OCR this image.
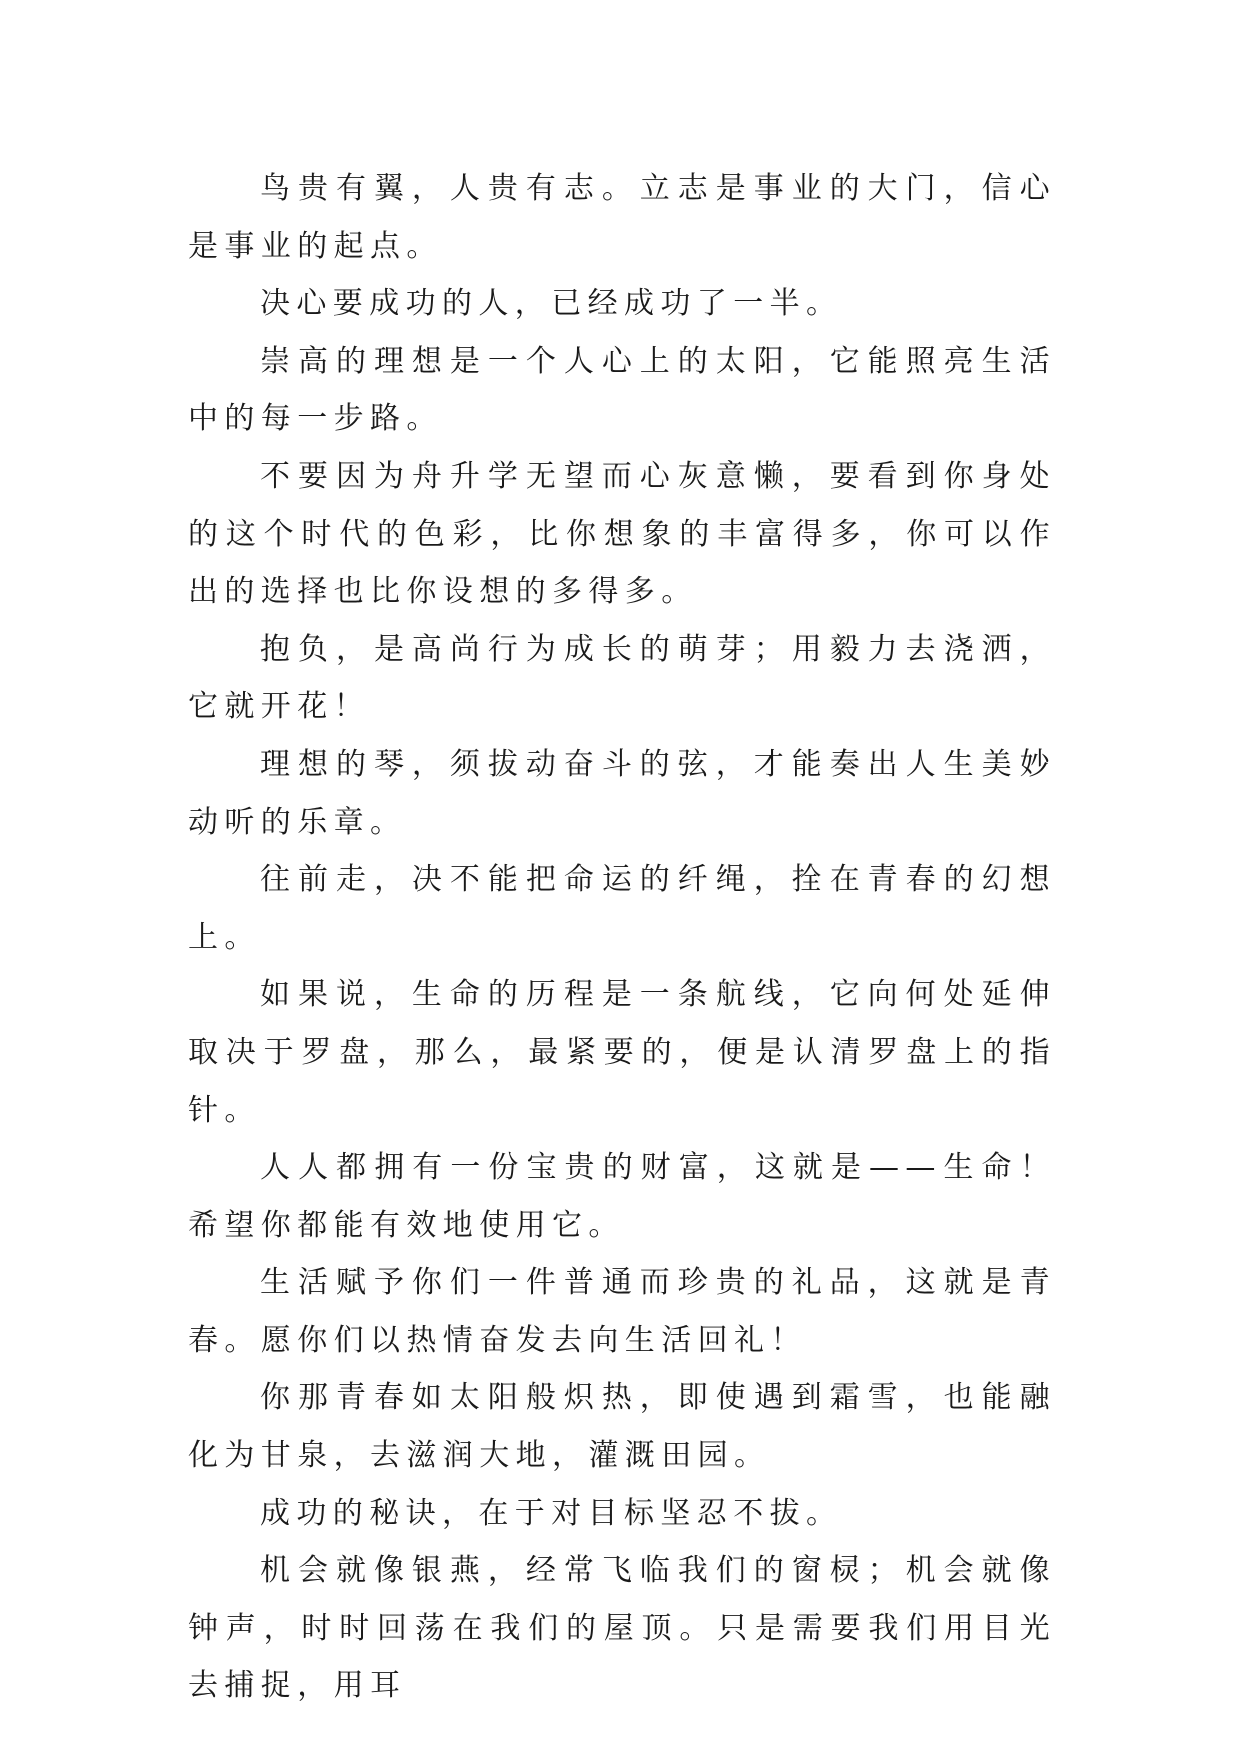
鸟贵有翼，人贵有志。立志是事业的大门，信心是事业的起点。

决心要成功的人，已经成功了一半。

崇高的理想是一个人心上的太阳，它能照亮生活中的每一步路。

不要因为舟升学无望而心灰意懒，要看到你身处的这个时代的色彩，比你想象的丰富得多，你可以作出的选择也比你设想的多得多。

抱负，是高尚行为成长的萌芽；用毅力去浇洒，它就开花！

理想的琴，须拔动奋斗的弦，才能奏出人生美妙动听的乐章。

往前走，决不能把命运的纤绳，拴在青春的幻想上。

如果说，生命的历程是一条航线，它向何处延伸取决于罗盘，那么，最紧要的，便是认清罗盘上的指针。

人人都拥有一份宝贵的财富，这就是——生命！希望你都能有效地使用它。

生活赋予你们一件普通而珍贵的礼品，这就是青春。愿你们以热情奋发去向生活回礼！

你那青春如太阳般炽热，即使遇到霜雪，也能融化为甘泉，去滋润大地，灌溉田园。

成功的秘诀，在于对目标坚忍不拔。

机会就像银燕，经常飞临我们的窗棂；机会就像钟声，时时回荡在我们的屋顶。只是需要我们用目光去捕捉，用耳
